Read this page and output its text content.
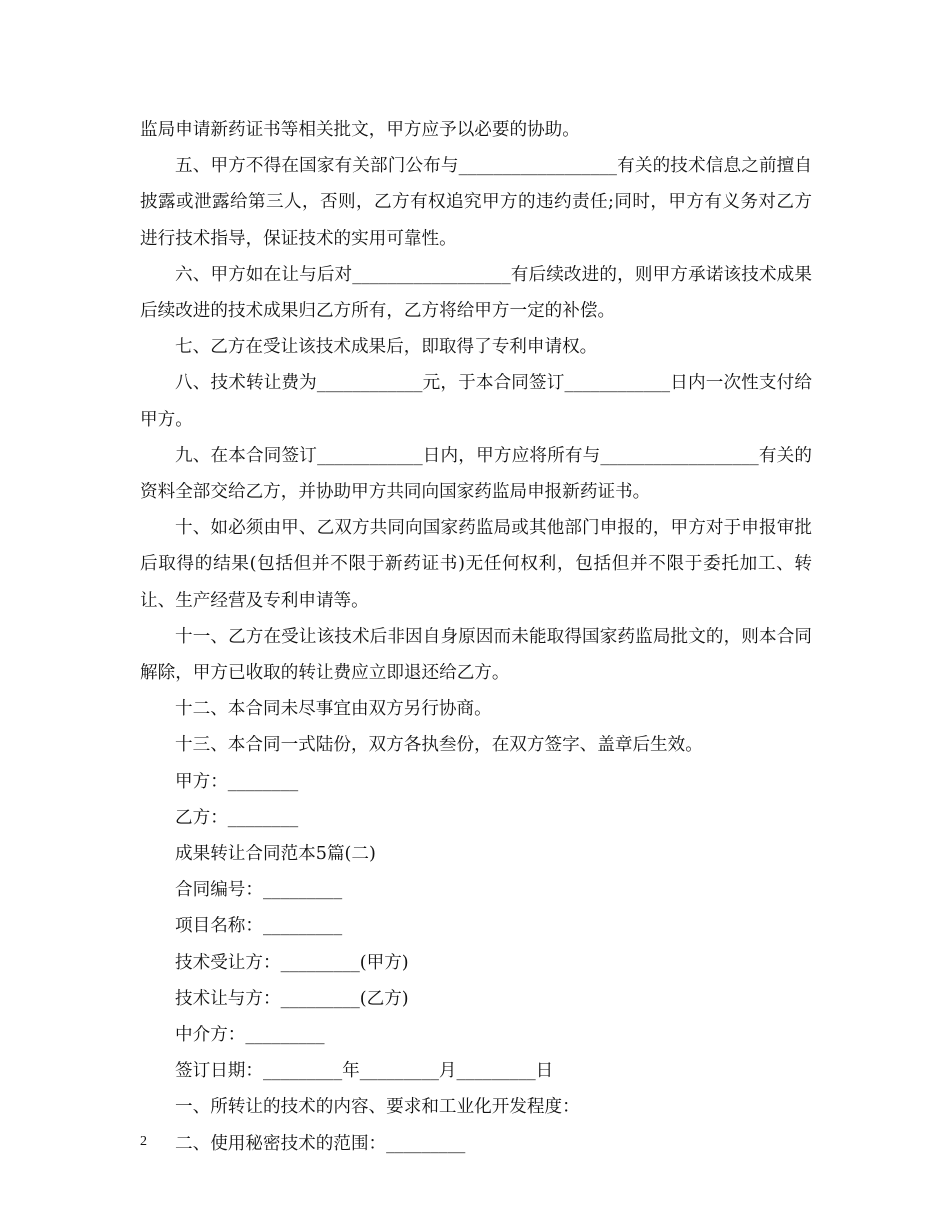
监局申请新药证书等相关批文，甲方应予以必要的协助。

五、甲方不得在国家有关部门公布与__________________有关的技术信息之前擅自披露或泄露给第三人，否则，乙方有权追究甲方的违约责任;同时，甲方有义务对乙方进行技术指导，保证技术的实用可靠性。

六、甲方如在让与后对__________________有后续改进的，则甲方承诺该技术成果后续改进的技术成果归乙方所有，乙方将给甲方一定的补偿。

七、乙方在受让该技术成果后，即取得了专利申请权。

八、技术转让费为____________元，于本合同签订____________日内一次性支付给甲方。

九、在本合同签订____________日内，甲方应将所有与__________________有关的资料全部交给乙方，并协助甲方共同向国家药监局申报新药证书。

十、如必须由甲、乙双方共同向国家药监局或其他部门申报的，甲方对于申报审批后取得的结果(包括但并不限于新药证书)无任何权利，包括但并不限于委托加工、转让、生产经营及专利申请等。

十一、乙方在受让该技术后非因自身原因而未能取得国家药监局批文的，则本合同解除，甲方已收取的转让费应立即退还给乙方。

十二、本合同未尽事宜由双方另行协商。

十三、本合同一式陆份，双方各执叁份，在双方签字、盖章后生效。

甲方：________

乙方：________

成果转让合同范本5篇(二)

合同编号：_________

项目名称：_________

技术受让方：_________(甲方)

技术让与方：_________(乙方)

中介方：_________

签订日期：_________年_________月_________日

一、所转让的技术的内容、要求和工业化开发程度：

二、使用秘密技术的范围：_________

2
